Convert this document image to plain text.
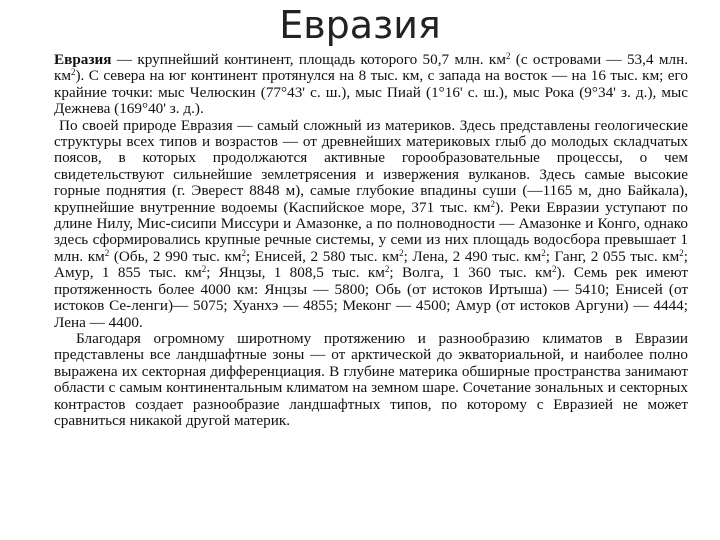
Евразия

Евразия — крупнейший континент, площадь которого 50,7 млн. $км^2$ (с островами — 53,4 млн. $км^2$). С севера на юг континент протянулся на 8 тыс. км, с запада на восток — на 16 тыс. км; его крайние точки: мыс Челюскин (77°43' с. ш.), мыс Пиай (1°16' с. ш.), мыс Рока (9°34' з. д.), мыс Дежнева (169°40' з. д.).

По своей природе Евразия — самый сложный из материков. Здесь представлены геологические структуры всех типов и возрастов — от древнейших материковых глыб до молодых складчатых поясов, в которых продолжаются активные горообразовательные процессы, о чем свидетельствуют сильнейшие землетрясения и извержения вулканов. Здесь самые высокие горные поднятия (г. Эверест 8848 м), самые глубокие впадины суши (—1165 м, дно Байкала), крупнейшие внутренние водоемы (Каспийское море, 371 тыс. $км^2$). Реки Евразии уступают по длине Нилу, Мис-сисипи Миссури и Амазонке, а по полноводности — Амазонке и Конго, однако здесь сформировались крупные речные системы, у семи из них площадь водосбора превышает 1 млн. $км^2$ (Обь, 2 990 тыс. $км^2$; Енисей, 2 580 тыс. $км^2$; Лена, 2 490 тыс. $км^2$; Ганг, 2 055 тыс. $км^2$; Амур, 1 855 тыс. $км^2$; Янцзы, 1 808,5 тыс. $км^2$; Волга, 1 360 тыс. $км^2$). Семь рек имеют протяженность более 4000 км: Янцзы — 5800; Обь (от истоков Иртыша) — 5410; Енисей (от истоков Се-ленги)— 5075; Хуанхэ — 4855; Меконг — 4500; Амур (от истоков Аргуни) — 4444; Лена — 4400.

Благодаря огромному широтному протяжению и разнообразию климатов в Евразии представлены все ландшафтные зоны — от арктической до экваториальной, и наиболее полно выражена их секторная дифференциация. В глубине материка обширные пространства занимают области с самым континентальным климатом на земном шаре. Сочетание зональных и секторных контрастов создает разнообразие ландшафтных типов, по которому с Евразией не может сравниться никакой другой материк.
